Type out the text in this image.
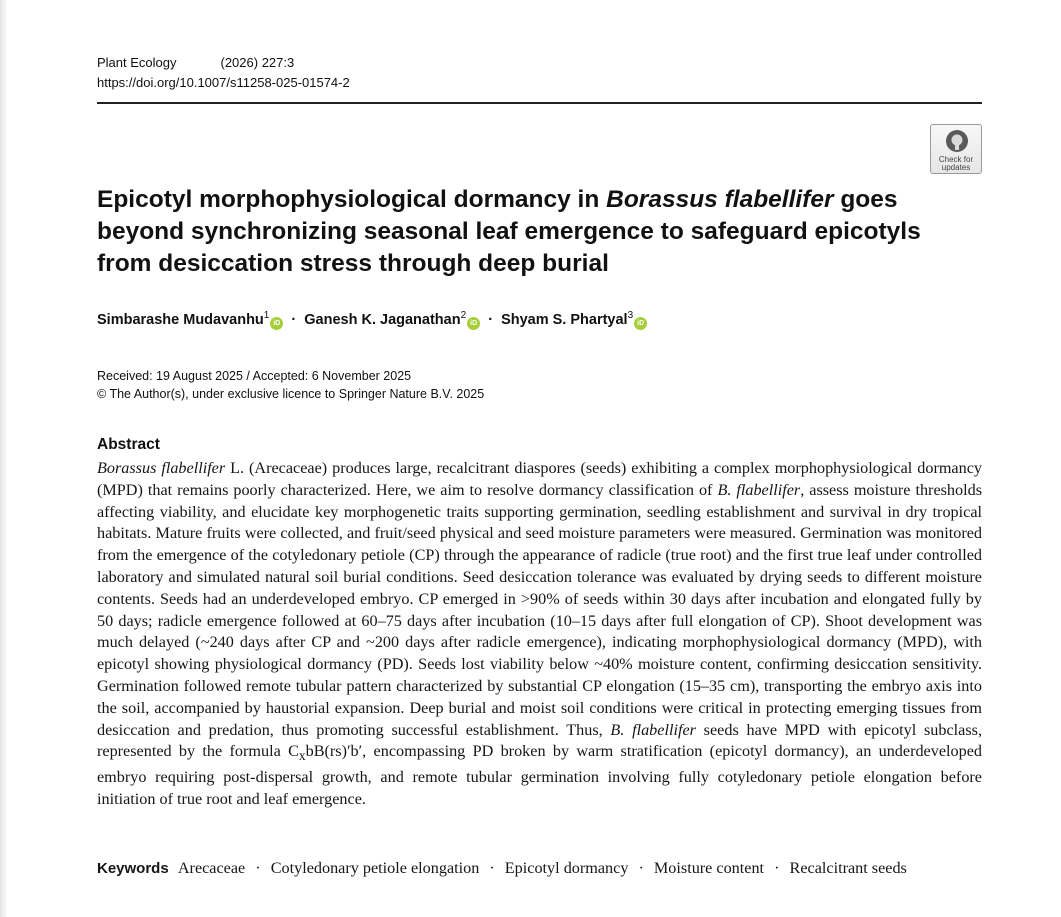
Plant Ecology	(2026) 227:3
https://doi.org/10.1007/s11258-025-01574-2
Check for
updates
Epicotyl morphophysiological dormancy in Borassus flabellifer goes beyond synchronizing seasonal leaf emergence to safeguard epicotyls from desiccation stress through deep burial
Simbarashe Mudavanhu$^1$iD · Ganesh K. Jaganathan$^2$iD · Shyam S. Phartyal$^3$iD
Received: 19 August 2025 / Accepted: 6 November 2025
© The Author(s), under exclusive licence to Springer Nature B.V. 2025
Abstract

Borassus flabellifer L. (Arecaceae) produces large, recalcitrant diaspores (seeds) exhibiting a complex morphophysiological dormancy (MPD) that remains poorly characterized. Here, we aim to resolve dormancy classification of B. flabellifer, assess moisture thresholds affecting viability, and elucidate key morphogenetic traits supporting germination, seedling establishment and survival in dry tropical habitats. Mature fruits were collected, and fruit/seed physical and seed moisture parameters were measured. Germination was monitored from the emergence of the cotyledonary petiole (CP) through the appearance of radicle (true root) and the first true leaf under controlled laboratory and simulated natural soil burial conditions. Seed desiccation tolerance was evaluated by drying seeds to different moisture contents. Seeds had an underdeveloped embryo. CP emerged in >90% of seeds within 30 days after incubation and elongated fully by 50 days; radicle emergence followed at 60–75 days after incubation (10–15 days after full elongation of CP). Shoot development was much delayed (~240 days after CP and ~200 days after radicle emergence), indicating morphophysiological dormancy (MPD), with epicotyl showing physiological dormancy (PD). Seeds lost viability below ~40% moisture content, confirming desiccation sensitivity. Germination followed remote tubular pattern characterized by substantial CP elongation (15–35 cm), transporting the embryo axis into the soil, accompanied by haustorial expansion. Deep burial and moist soil conditions were critical in protecting emerging tissues from desiccation and predation, thus promoting successful establishment. Thus, B. flabellifer seeds have MPD with epicotyl subclass, represented by the formula $C_xbB(rs)'b'$, encompassing PD broken by warm stratification (epicotyl dormancy), an underdeveloped embryo requiring post-dispersal growth, and remote tubular germination involving fully cotyledonary petiole elongation before initiation of true root and leaf emergence.

Keywords Arecaceae · Cotyledonary petiole elongation · Epicotyl dormancy · Moisture content · Recalcitrant seeds
